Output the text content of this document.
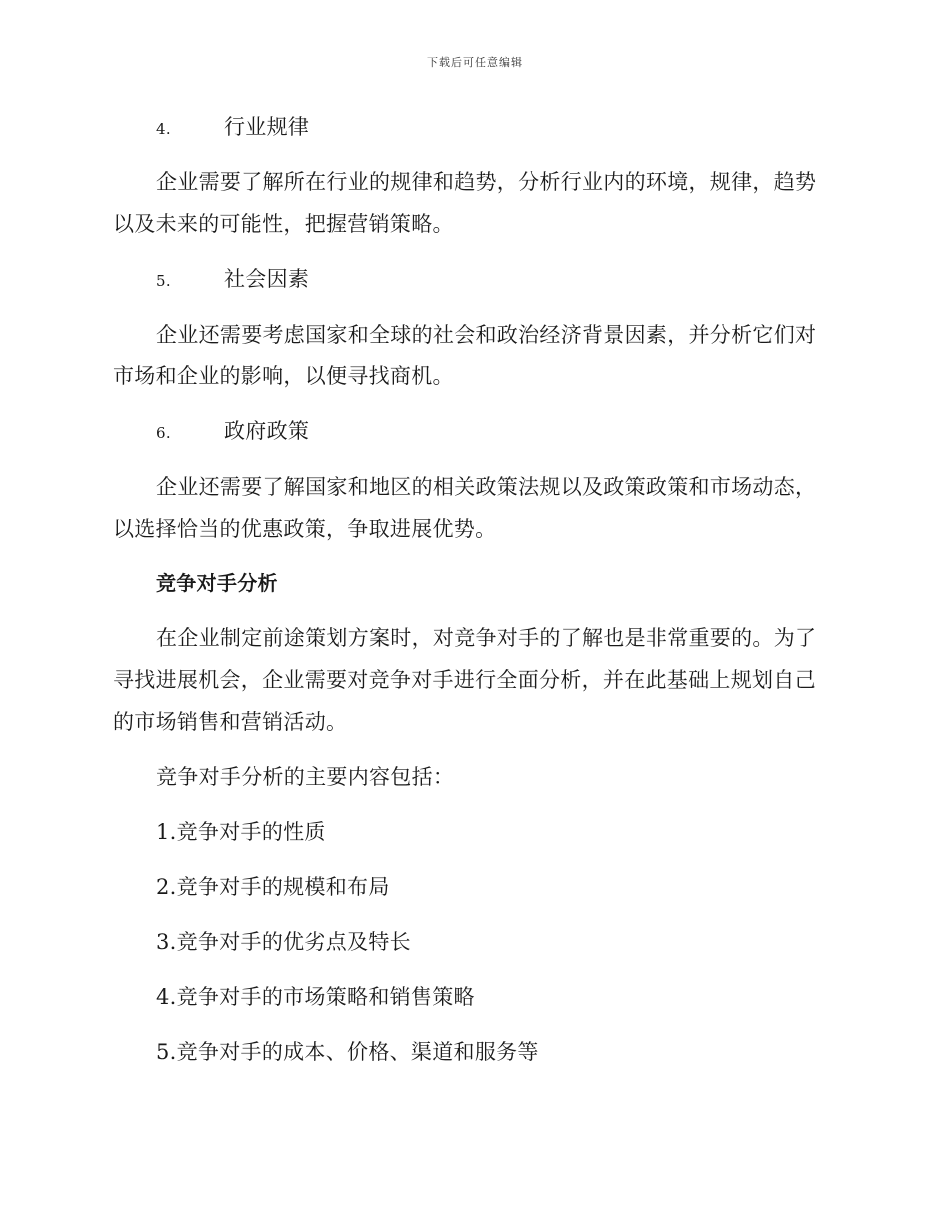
下载后可任意编辑
4.	行业规律
企业需要了解所在行业的规律和趋势，分析行业内的环境，规律，趋势
以及未来的可能性，把握营销策略。
5.	社会因素
企业还需要考虑国家和全球的社会和政治经济背景因素，并分析它们对
市场和企业的影响，以便寻找商机。
6.	政府政策
企业还需要了解国家和地区的相关政策法规以及政策政策和市场动态，
以选择恰当的优惠政策，争取进展优势。
竞争对手分析
在企业制定前途策划方案时，对竞争对手的了解也是非常重要的。为了
寻找进展机会，企业需要对竞争对手进行全面分析，并在此基础上规划自己
的市场销售和营销活动。
竞争对手分析的主要内容包括：
1.竞争对手的性质
2.竞争对手的规模和布局
3.竞争对手的优劣点及特长
4.竞争对手的市场策略和销售策略
5.竞争对手的成本、价格、渠道和服务等
